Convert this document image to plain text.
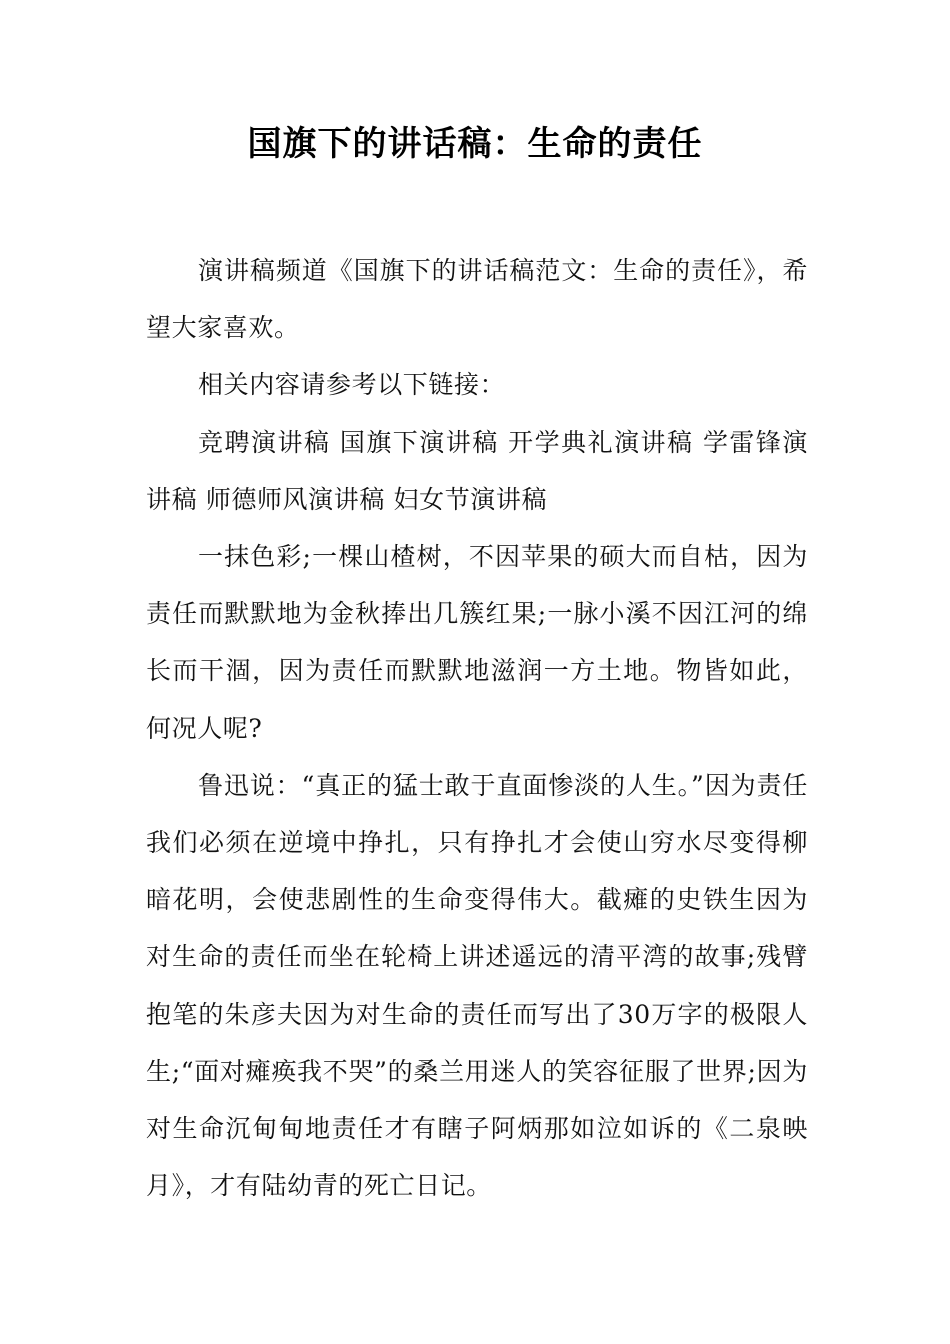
国旗下的讲话稿：生命的责任

演讲稿频道《国旗下的讲话稿范文：生命的责任》，希望大家喜欢。

相关内容请参考以下链接：

竞聘演讲稿 国旗下演讲稿 开学典礼演讲稿 学雷锋演讲稿 师德师风演讲稿 妇女节演讲稿

一抹色彩;一棵山楂树，不因苹果的硕大而自枯，因为责任而默默地为金秋捧出几簇红果;一脉小溪不因江河的绵长而干涸，因为责任而默默地滋润一方土地。物皆如此，何况人呢?

鲁迅说：“真正的猛士敢于直面惨淡的人生。”因为责任我们必须在逆境中挣扎，只有挣扎才会使山穷水尽变得柳暗花明，会使悲剧性的生命变得伟大。截瘫的史铁生因为对生命的责任而坐在轮椅上讲述遥远的清平湾的故事;残臂抱笔的朱彦夫因为对生命的责任而写出了30万字的极限人生;“面对瘫痪我不哭”的桑兰用迷人的笑容征服了世界;因为对生命沉甸甸地责任才有瞎子阿炳那如泣如诉的《二泉映月》，才有陆幼青的死亡日记。
